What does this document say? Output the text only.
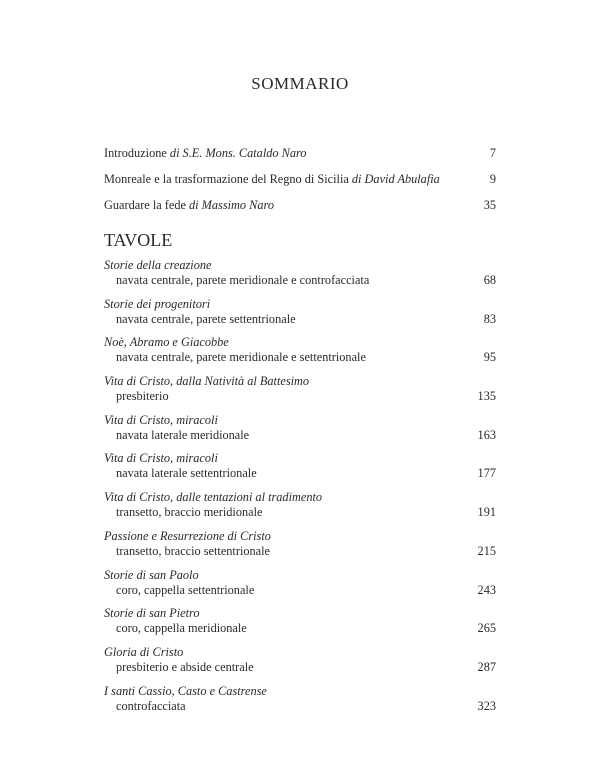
SOMMARIO
Introduzione di S.E. Mons. Cataldo Naro	7
Monreale e la trasformazione del Regno di Sicilia di David Abulafia	9
Guardare la fede di Massimo Naro	35
TAVOLE
Storie della creazione
navata centrale, parete meridionale e controfacciata	68
Storie dei progenitori
navata centrale, parete settentrionale	83
Noè, Abramo e Giacobbe
navata centrale, parete meridionale e settentrionale	95
Vita di Cristo, dalla Natività al Battesimo
presbiterio	135
Vita di Cristo, miracoli
navata laterale meridionale	163
Vita di Cristo, miracoli
navata laterale settentrionale	177
Vita di Cristo, dalle tentazioni al tradimento
transetto, braccio meridionale	191
Passione e Resurrezione di Cristo
transetto, braccio settentrionale	215
Storie di san Paolo
coro, cappella settentrionale	243
Storie di san Pietro
coro, cappella meridionale	265
Gloria di Cristo
presbiterio e abside centrale	287
I santi Cassio, Casto e Castrense
controfacciata	323
